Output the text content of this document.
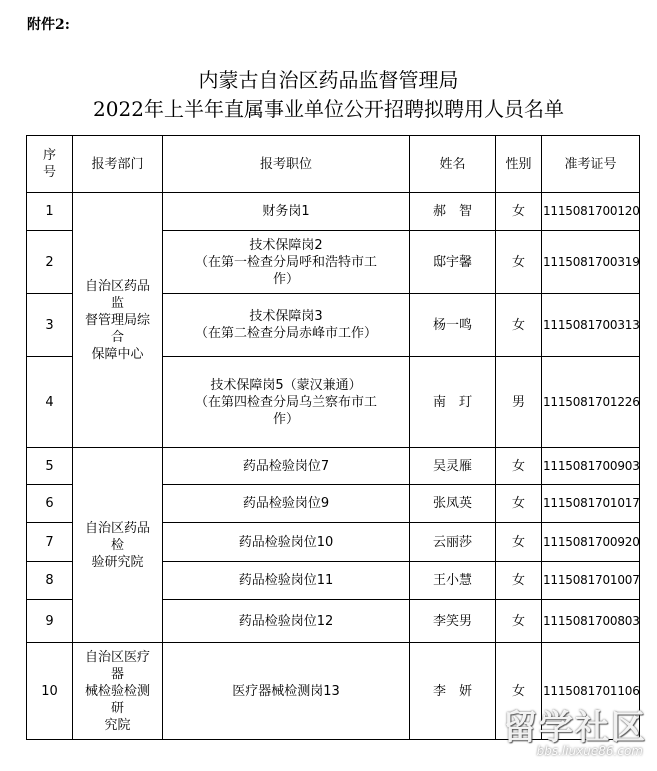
附件2:
内蒙古自治区药品监督管理局
2022年上半年直属事业单位公开招聘拟聘用人员名单
序
号	报考部门	报考职位	姓名	性别	准考证号
1	自治区药品监
督管理局综合
保障中心	财务岗1	郝　智	女	1115081700120
2		技术保障岗2
（在第一检查分局呼和浩特市工
作）	邸宇馨	女	1115081700319
3		技术保障岗3
（在第二检查分局赤峰市工作）	杨一鸣	女	1115081700313
4		技术保障岗5（蒙汉兼通）
（在第四检查分局乌兰察布市工
作）	南　玎	男	1115081701226
5	自治区药品检
验研究院	药品检验岗位7	吴灵雁	女	1115081700903
6		药品检验岗位9	张凤英	女	1115081701017
7		药品检验岗位10	云丽莎	女	1115081700920
8		药品检验岗位11	王小慧	女	1115081701007
9		药品检验岗位12	李笑男	女	1115081700803
10	自治区医疗器
械检验检测研
究院	医疗器械检测岗13	李　妍	女	1115081701106
留学社区
bbs.liuxue86.com
